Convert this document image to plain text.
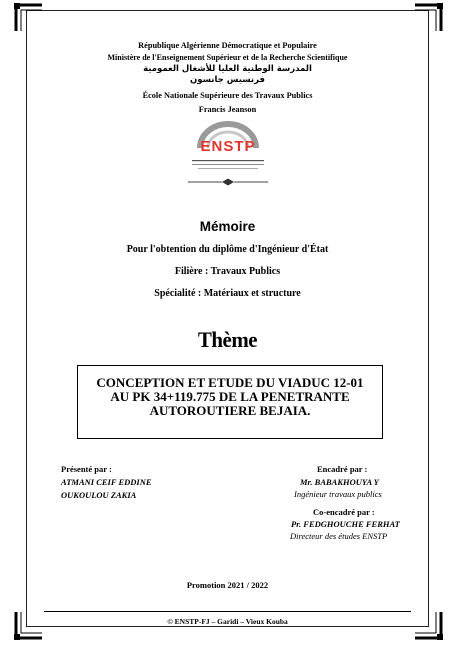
République Algérienne Démocratique et Populaire
Ministère de l'Enseignement Supérieur et de la Recherche Scientifique
المدرسة الوطنية العليا للأشغال العمومية
فرنسيس جانسون
École Nationale Supérieure des Travaux Publics
Francis Jeanson
ENSTP
Mémoire
Pour l'obtention du diplôme d'Ingénieur d'État
Filière : Travaux Publics
Spécialité : Matériaux et structure
Thème
CONCEPTION ET ETUDE DU VIADUC 12-01
AU PK 34+119.775 DE LA PENETRANTE
AUTOROUTIERE BEJAIA.
Présenté par :
ATMANI CEIF EDDINE
OUKOULOU ZAKIA
Encadré par :
Mr. BABAKHOUYA Y
Ingénieur travaux publics
Co-encadré par :
Pr. FEDGHOUCHE FERHAT
Directeur des études ENSTP
Promotion 2021 / 2022
© ENSTP-FJ – Garidi – Vieux Kouba
